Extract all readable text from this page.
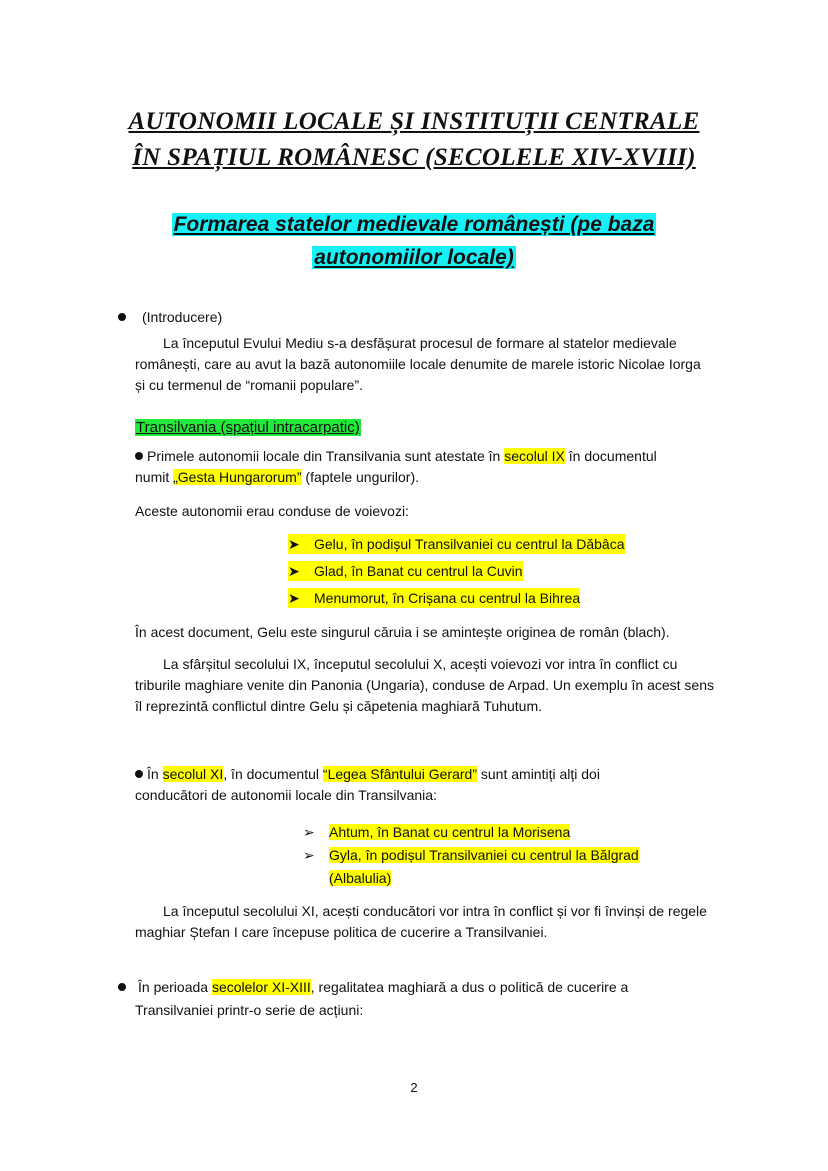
AUTONOMII LOCALE ȘI INSTITUȚII CENTRALE
ÎN SPAȚIUL ROMÂNESC (SECOLELE XIV-XVIII)
Formarea statelor medievale românești (pe baza
autonomiilor locale)
(Introducere)
La începutul Evului Mediu s-a desfășurat procesul de formare al statelor medievale
românești, care au avut la bază autonomiile locale denumite de marele istoric Nicolae Iorga
și cu termenul de “romanii populare”.
Transilvania (spațiul intracarpatic)
Primele autonomii locale din Transilvania sunt atestate în secolul IX în documentul
numit „Gesta Hungarorum” (faptele ungurilor).
Aceste autonomii erau conduse de voievozi:
➤ Gelu, în podișul Transilvaniei cu centrul la Dăbâca
➤ Glad, în Banat cu centrul la Cuvin
➤ Menumorut, în Crișana cu centrul la Bihrea
În acest document, Gelu este singurul căruia i se amintește originea de român (blach).
La sfârșitul secolului IX, începutul secolului X, acești voievozi vor intra în conflict cu
triburile maghiare venite din Panonia (Ungaria), conduse de Arpad. Un exemplu în acest sens
îl reprezintă conflictul dintre Gelu și căpetenia maghiară Tuhutum.
În secolul XI, în documentul “Legea Sfântului Gerard” sunt amintiți alți doi
conducători de autonomii locale din Transilvania:
➢ Ahtum, în Banat cu centrul la Morisena
➢ Gyla, în podișul Transilvaniei cu centrul la Bălgrad
(Albalulia)
La începutul secolului XI, acești conducători vor intra în conflict și vor fi învinși de regele
maghiar Ștefan I care începuse politica de cucerire a Transilvaniei.
În perioada secolelor XI-XIII, regalitatea maghiară a dus o politică de cucerire a
Transilvaniei printr-o serie de acțiuni:
2
